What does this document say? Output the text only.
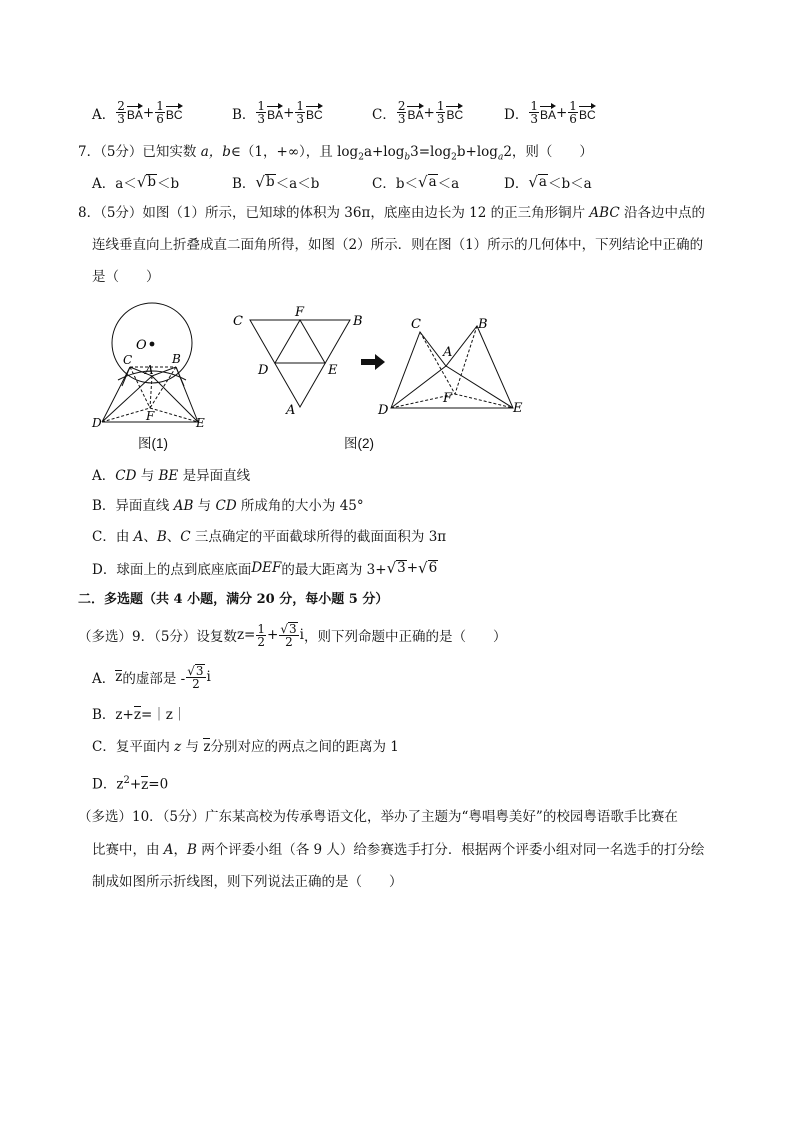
A． $\frac{2}{3}$ BA + $\frac{1}{6}$ BC	B． $\frac{1}{3}$ BA + $\frac{1}{3}$ BC	C． $\frac{2}{3}$ BA + $\frac{1}{3}$ BC	D． $\frac{1}{3}$ BA + $\frac{1}{6}$ BC
7．（5分）已知实数 a，b∈（1，+∞），且 $\log_2a+\log_b3=\log_2b+\log_a2$，则（　　）
A． a＜ √ b ＜b	B． √ b ＜a＜b	C． b＜ √ a ＜a	D． √ a ＜b＜a
8．（5分）如图（1）所示，已知球的体积为 36π，底座由边长为 12 的正三角形铜片 ABC 沿各边中点的
连线垂直向上折叠成直二面角所得，如图（2）所示．则在图（1）所示的几何体中，下列结论中正确的
是（　　）
O
C
A
B
F
D	E
图(1)
C
F
B
D	E
A
C	B
A
F
D	E
图(2)
A．CD 与 BE 是异面直线
B．异面直线 AB 与 CD 所成角的大小为 45°
C．由 A、B、C 三点确定的平面截球所得的截面面积为 3π
D．球面上的点到底座底面 DEF 的最大距离为 3+ √ 3 + √ 6
二．多选题（共 4 小题，满分 20 分，每小题 5 分）
（多选）9．（5分）设复数 $z= \frac{1}{2} + \frac{√ 3}{2}$ i ，则下列命题中正确的是（　　）
A． z 的虚部是 - $\frac{√ 3}{2}$ i
B．z+z=｜z｜
C．复平面内 z 与 z分别对应的两点之间的距离为 1
D．$z^2+z=0$
（多选）10．（5分）广东某高校为传承粤语文化，举办了主题为“粤唱粤美好”的校园粤语歌手比赛在
比赛中，由 A，B 两个评委小组（各 9 人）给参赛选手打分．根据两个评委小组对同一名选手的打分绘
制成如图所示折线图，则下列说法正确的是（　　）
